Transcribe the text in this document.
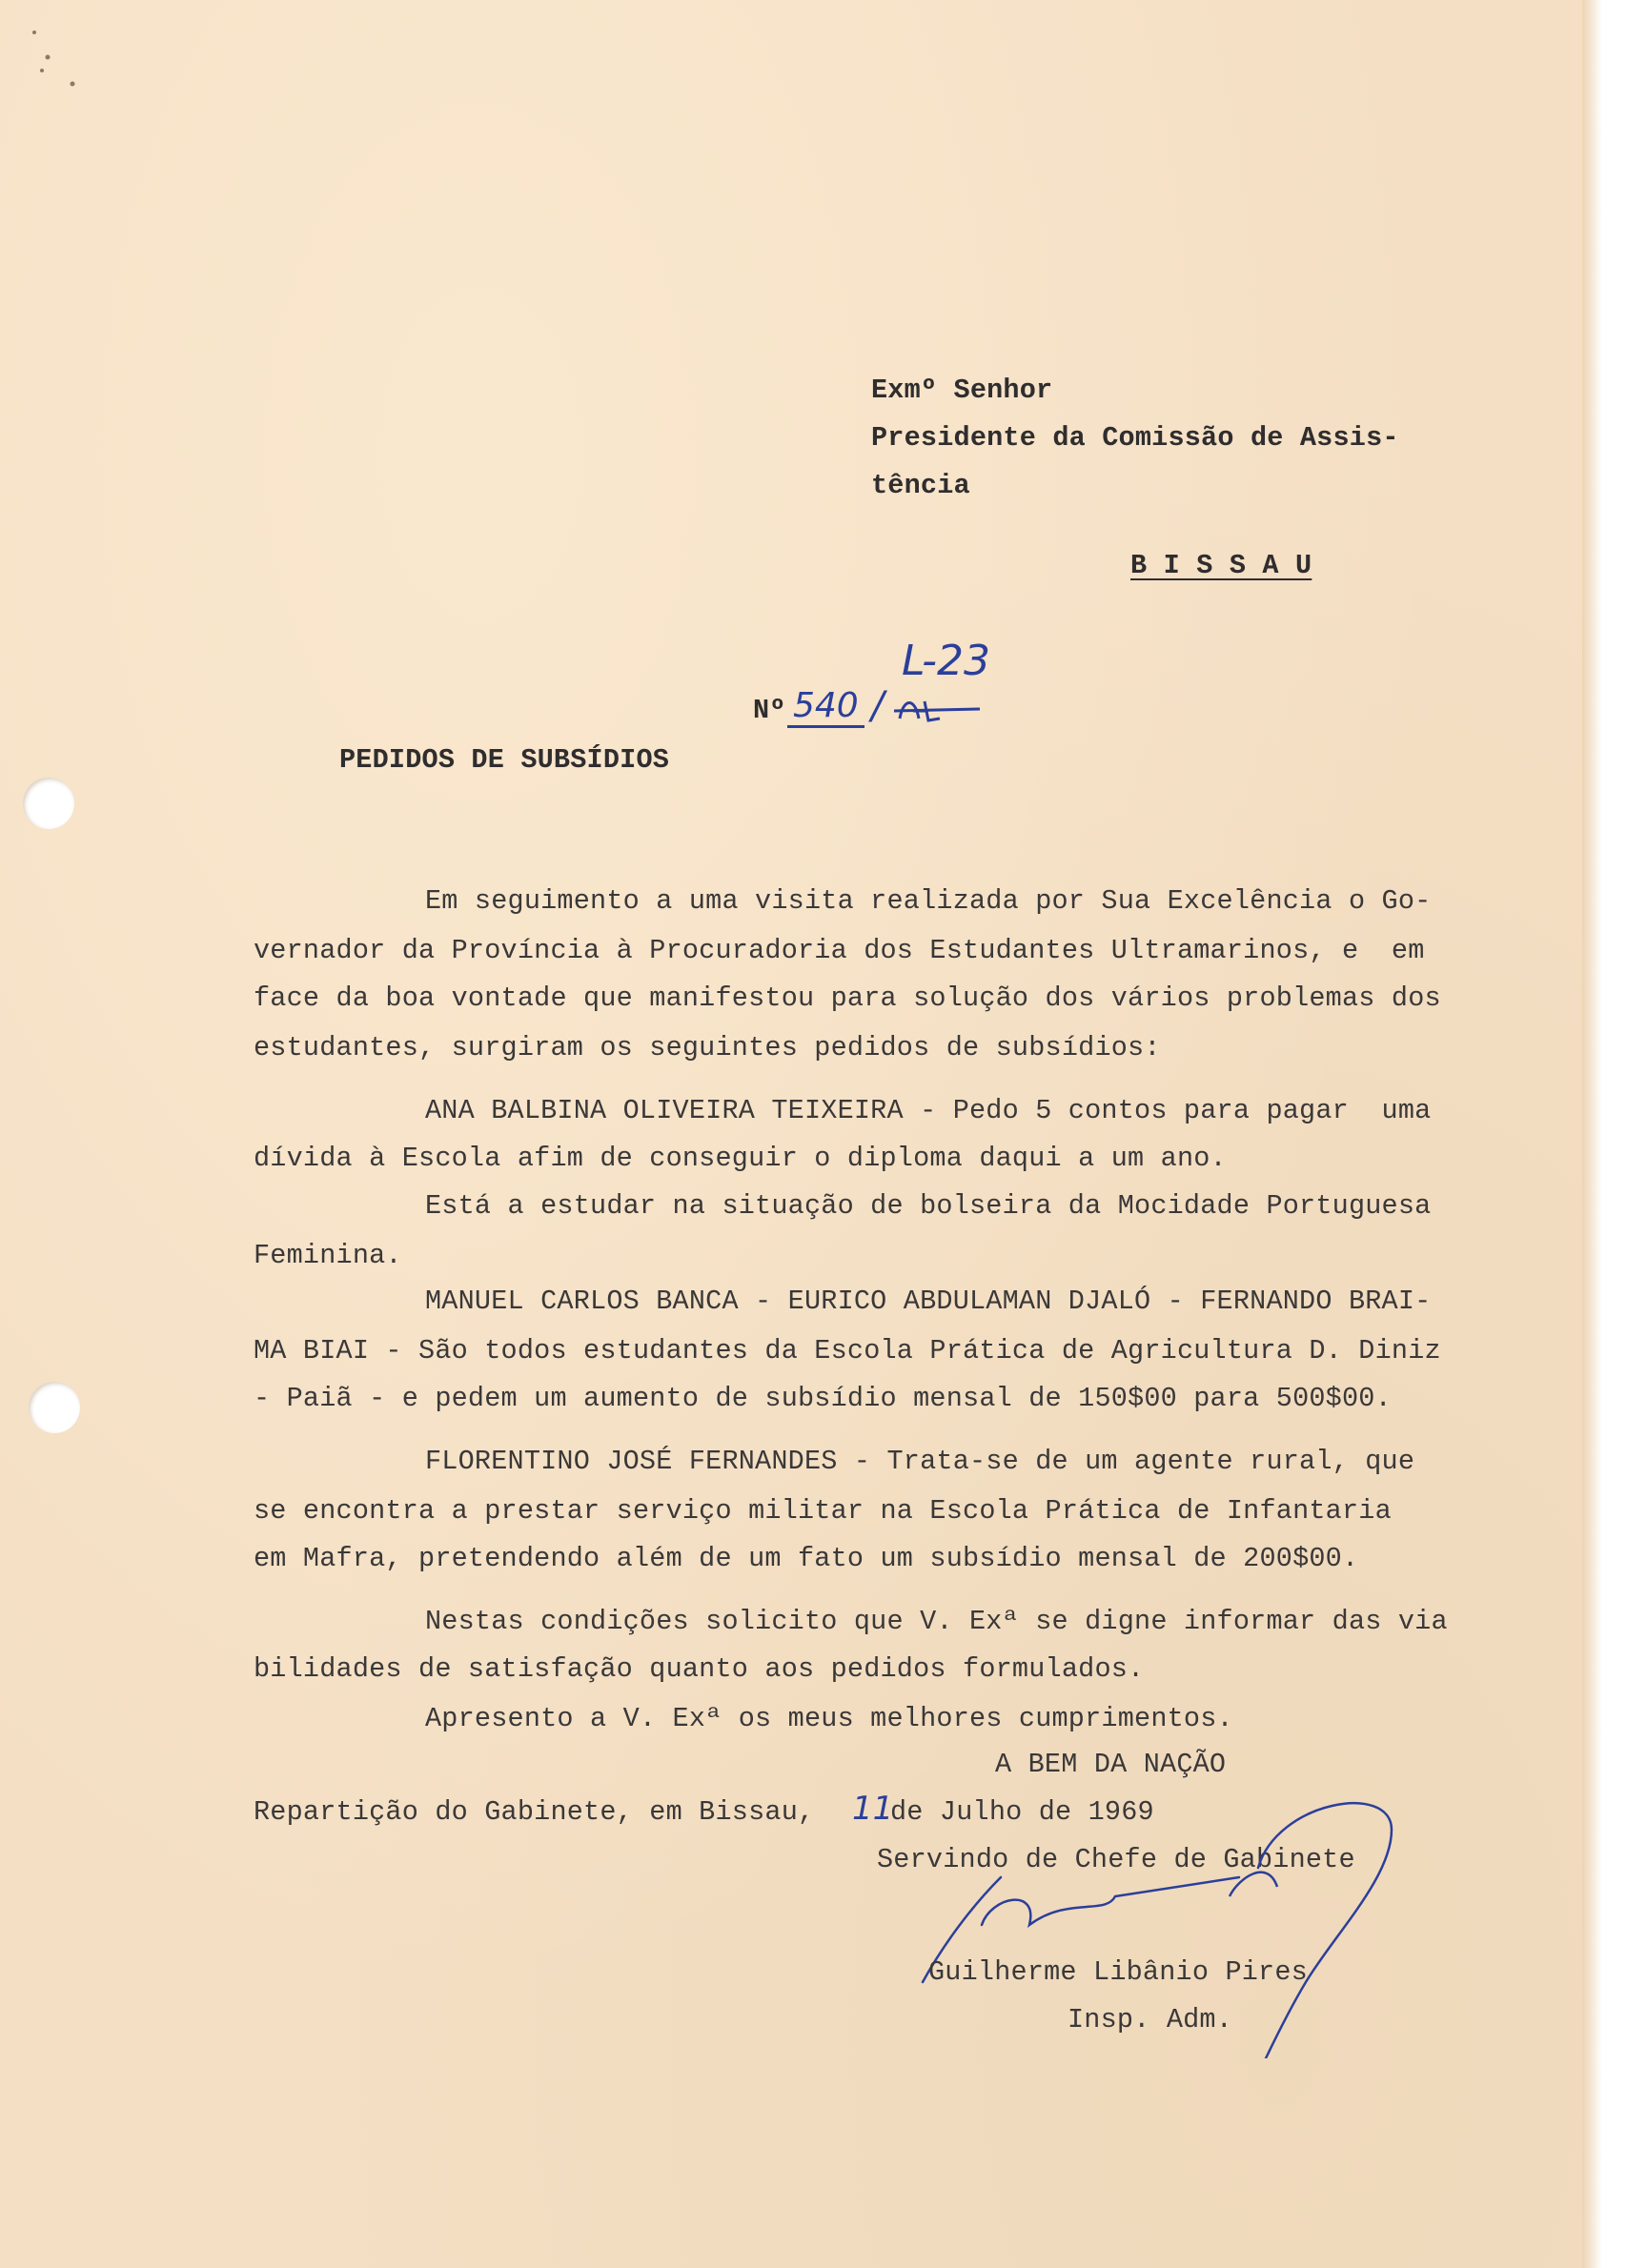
Exmº Senhor

Presidente da Comissão de Assis-

tência

B I S S A U

L-23

Nº 540 /

PEDIDOS DE SUBSÍDIOS

Em seguimento a uma visita realizada por Sua Excelência o Go-

vernador da Província à Procuradoria dos Estudantes Ultramarinos, e  em

face da boa vontade que manifestou para solução dos vários problemas dos

estudantes, surgiram os seguintes pedidos de subsídios:

ANA BALBINA OLIVEIRA TEIXEIRA - Pedo 5 contos para pagar  uma

dívida à Escola afim de conseguir o diploma daqui a um ano.

Está a estudar na situação de bolseira da Mocidade Portuguesa

Feminina.

MANUEL CARLOS BANCA - EURICO ABDULAMAN DJALÓ - FERNANDO BRAI-

MA BIAI - São todos estudantes da Escola Prática de Agricultura D. Diniz

- Paiã - e pedem um aumento de subsídio mensal de 150$00 para 500$00.

FLORENTINO JOSÉ FERNANDES - Trata-se de um agente rural, que

se encontra a prestar serviço militar na Escola Prática de Infantaria

em Mafra, pretendendo além de um fato um subsídio mensal de 200$00.

Nestas condições solicito que V. Exª se digne informar das via

bilidades de satisfação quanto aos pedidos formulados.

Apresento a V. Exª os meus melhores cumprimentos.

A BEM DA NAÇÃO

Repartição do Gabinete, em Bissau, 11

de Julho de 1969

Servindo de Chefe de Gabinete

Guilherme Libânio Pires

Insp. Adm.
